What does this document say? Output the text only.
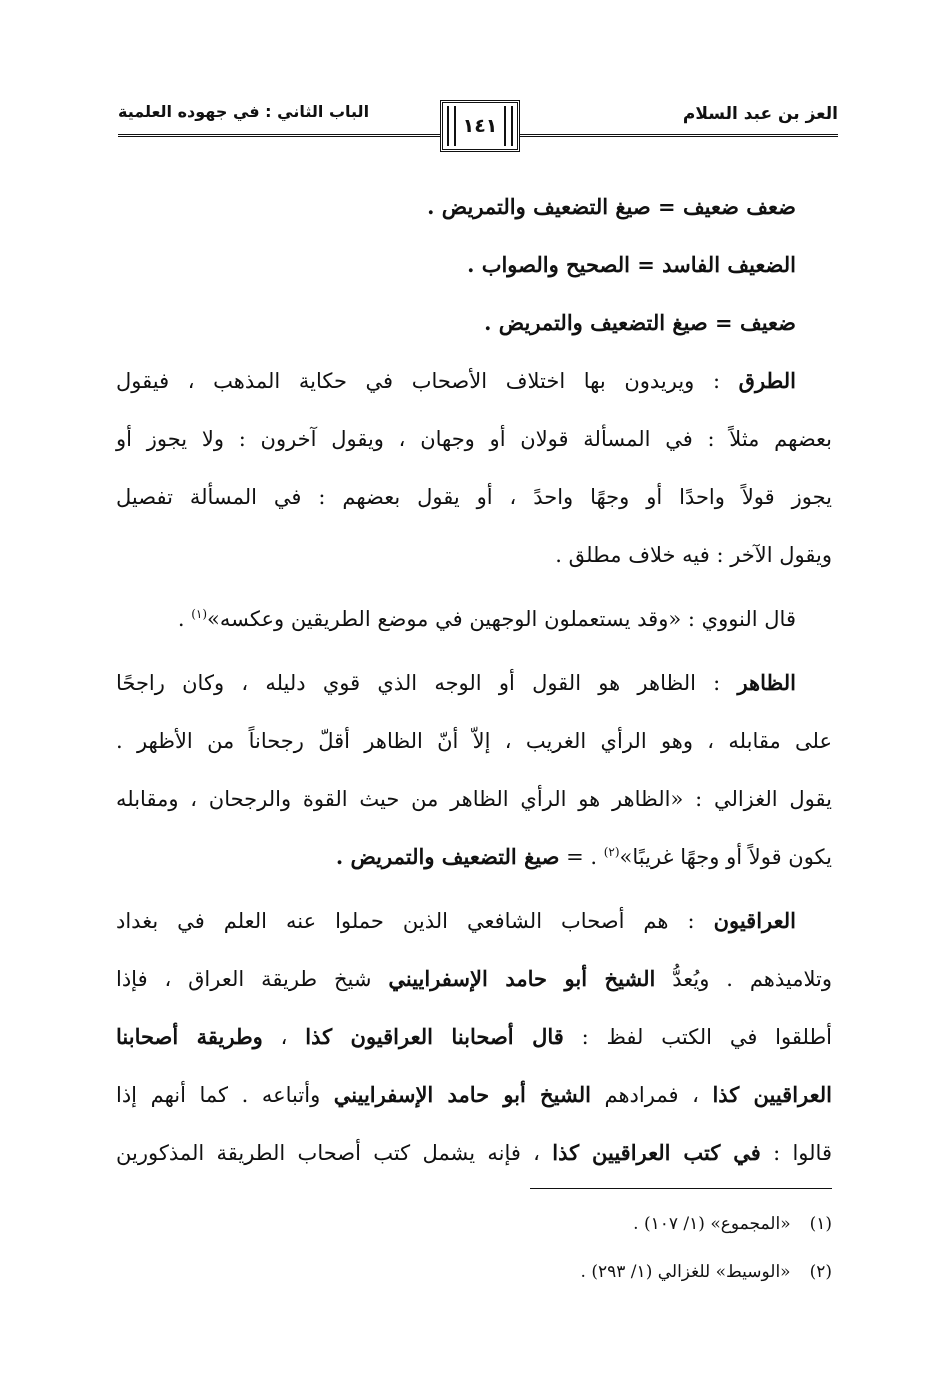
العز بن عبد السلام
الباب الثاني : في جهوده العلمية
١٤١
ضعف ضعيف = صيغ التضعيف والتمريض .
الضعيف الفاسد = الصحيح والصواب .
ضعيف = صيغ التضعيف والتمريض .
الطرق : ويريدون بها اختلاف الأصحاب في حكاية المذهب ، فيقول
بعضهم مثلاً : في المسألة قولان أو وجهان ، ويقول آخرون : ولا يجوز أو
يجوز قولاً واحدًا أو وجهًا واحدً ، أو يقول بعضهم : في المسألة تفصيل
ويقول الآخر : فيه خلاف مطلق .
قال النووي : «وقد يستعملون الوجهين في موضع الطريقين وعكسه»$^{(١)}$ .
الظاهر : الظاهر هو القول أو الوجه الذي قوي دليله ، وكان راجحًا
على مقابله ، وهو الرأي الغريب ، إلاّ أنّ الظاهر أقلّ رجحاناً من الأظهر .
يقول الغزالي : «الظاهر هو الرأي الظاهر من حيث القوة والرجحان ، ومقابله
يكون قولاً أو وجهًا غريبًا»$^{(٢)}$ . = صيغ التضعيف والتمريض .
العراقيون : هم أصحاب الشافعي الذين حملوا عنه العلم في بغداد
وتلاميذهم . ويُعدُّ الشيخ أبو حامد الإسفراييني شيخ طريقة العراق ، فإذا
أطلقوا في الكتب لفظ : قال أصحابنا العراقيون كذا ، وطريقة أصحابنا
العراقيين كذا ، فمرادهم الشيخ أبو حامد الإسفراييني وأتباعه . كما أنهم إذا
قالوا : في كتب العراقيين كذا ، فإنه يشمل كتب أصحاب الطريقة المذكورين
(١) «المجموع» (١/ ١٠٧) .
(٢) «الوسيط» للغزالي (١/ ٢٩٣) .
